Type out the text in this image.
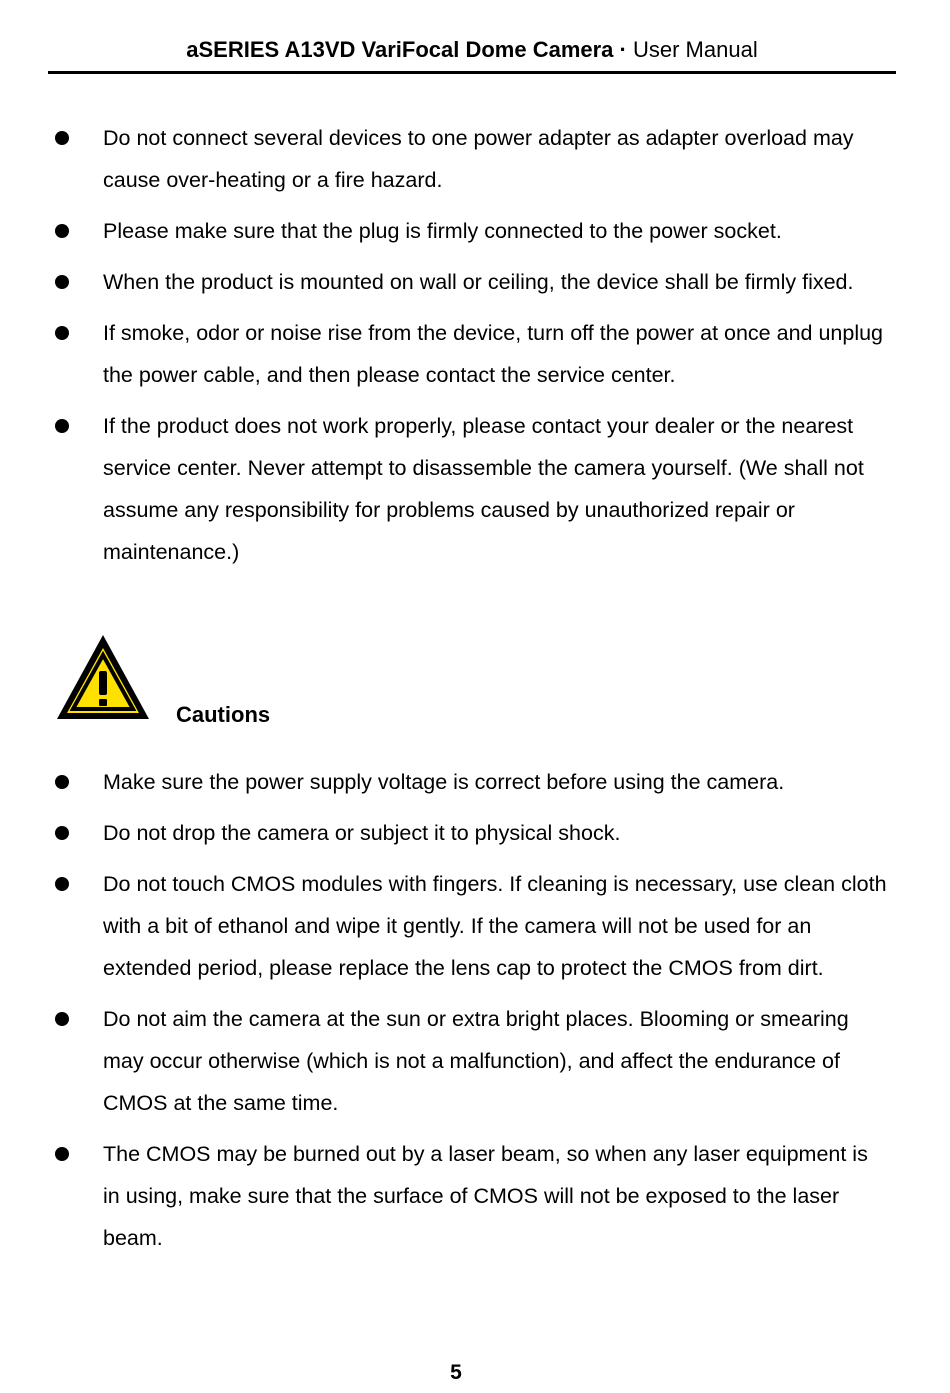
aSERIES A13VD VariFocal Dome Camera · User Manual
Do not connect several devices to one power adapter as adapter overload may cause over-heating or a fire hazard.
Please make sure that the plug is firmly connected to the power socket.
When the product is mounted on wall or ceiling, the device shall be firmly fixed.
If smoke, odor or noise rise from the device, turn off the power at once and unplug the power cable, and then please contact the service center.
If the product does not work properly, please contact your dealer or the nearest service center. Never attempt to disassemble the camera yourself. (We shall not assume any responsibility for problems caused by unauthorized repair or maintenance.)
Cautions
Make sure the power supply voltage is correct before using the camera.
Do not drop the camera or subject it to physical shock.
Do not touch CMOS modules with fingers. If cleaning is necessary, use clean cloth with a bit of ethanol and wipe it gently. If the camera will not be used for an extended period, please replace the lens cap to protect the CMOS from dirt.
Do not aim the camera at the sun or extra bright places. Blooming or smearing may occur otherwise (which is not a malfunction), and affect the endurance of CMOS at the same time.
The CMOS may be burned out by a laser beam, so when any laser equipment is in using, make sure that the surface of CMOS will not be exposed to the laser beam.
5
